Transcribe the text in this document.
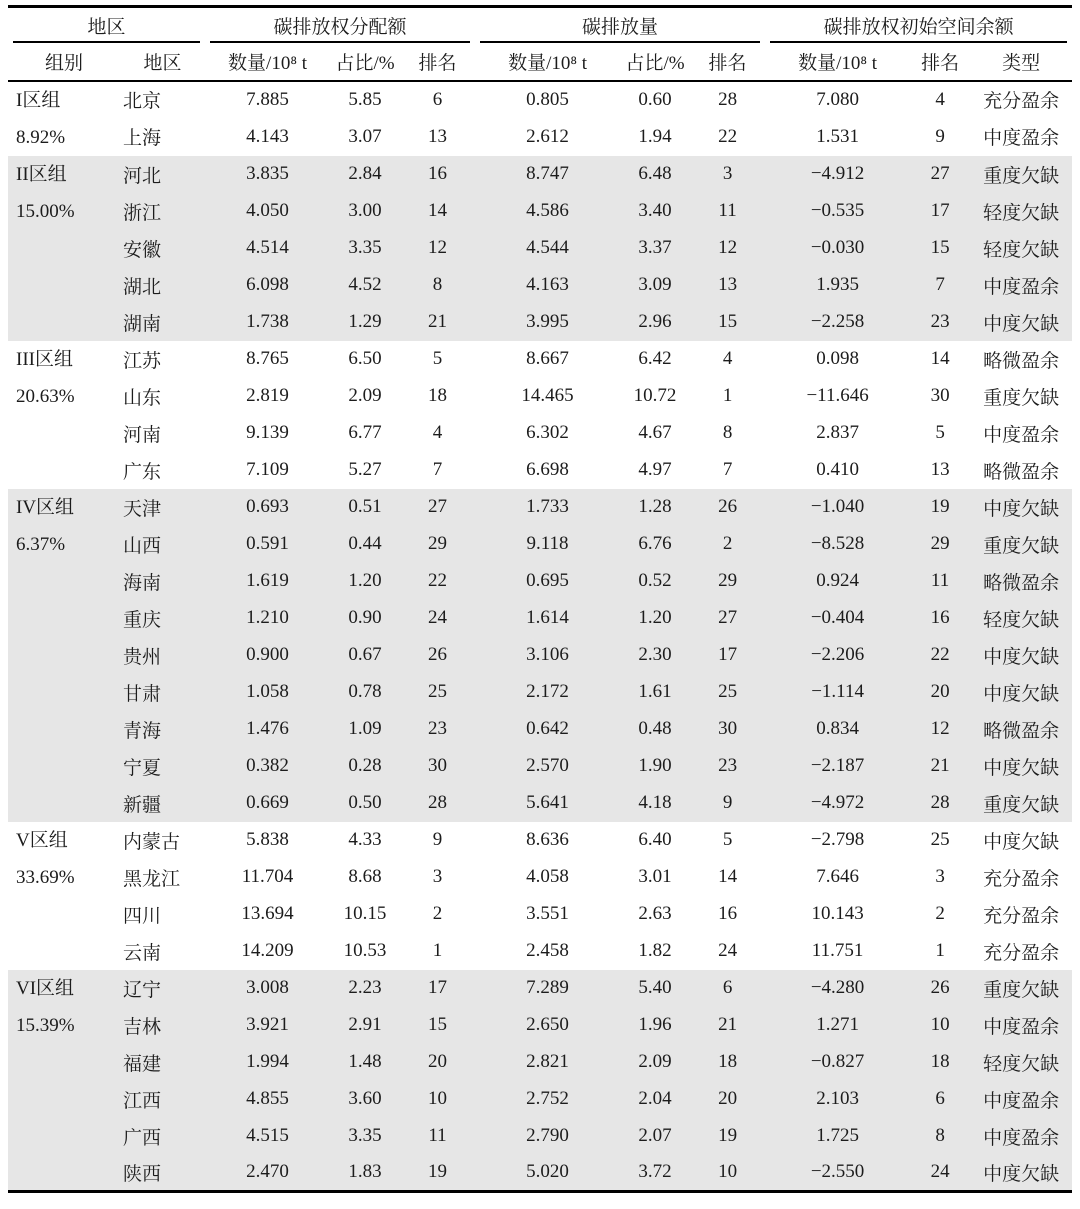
地区		碳排放权分配额			碳排放量			碳排放权初始空间余额		
组别	地区	数量/10⁸ t	占比/%	排名	数量/10⁸ t	占比/%	排名	数量/10⁸ t	排名	类型

I区组
8.92%	北京	7.885	5.85	6	0.805	0.60	28	7.080	4	充分盈余
	上海	4.143	3.07	13	2.612	1.94	22	1.531	9	中度盈余

II区组
15.00%	河北	3.835	2.84	16	8.747	6.48	3	−4.912	27	重度欠缺
	浙江	4.050	3.00	14	4.586	3.40	11	−0.535	17	轻度欠缺
	安徽	4.514	3.35	12	4.544	3.37	12	−0.030	15	轻度欠缺
	湖北	6.098	4.52	8	4.163	3.09	13	1.935	7	中度盈余
	湖南	1.738	1.29	21	3.995	2.96	15	−2.258	23	中度欠缺

III区组
20.63%	江苏	8.765	6.50	5	8.667	6.42	4	0.098	14	略微盈余
	山东	2.819	2.09	18	14.465	10.72	1	−11.646	30	重度欠缺
	河南	9.139	6.77	4	6.302	4.67	8	2.837	5	中度盈余
	广东	7.109	5.27	7	6.698	4.97	7	0.410	13	略微盈余

IV区组
6.37%	天津	0.693	0.51	27	1.733	1.28	26	−1.040	19	中度欠缺
	山西	0.591	0.44	29	9.118	6.76	2	−8.528	29	重度欠缺
	海南	1.619	1.20	22	0.695	0.52	29	0.924	11	略微盈余
	重庆	1.210	0.90	24	1.614	1.20	27	−0.404	16	轻度欠缺
	贵州	0.900	0.67	26	3.106	2.30	17	−2.206	22	中度欠缺
	甘肃	1.058	0.78	25	2.172	1.61	25	−1.114	20	中度欠缺
	青海	1.476	1.09	23	0.642	0.48	30	0.834	12	略微盈余
	宁夏	0.382	0.28	30	2.570	1.90	23	−2.187	21	中度欠缺
	新疆	0.669	0.50	28	5.641	4.18	9	−4.972	28	重度欠缺

V区组
33.69%	内蒙古	5.838	4.33	9	8.636	6.40	5	−2.798	25	中度欠缺
	黑龙江	11.704	8.68	3	4.058	3.01	14	7.646	3	充分盈余
	四川	13.694	10.15	2	3.551	2.63	16	10.143	2	充分盈余
	云南	14.209	10.53	1	2.458	1.82	24	11.751	1	充分盈余

VI区组
15.39%	辽宁	3.008	2.23	17	7.289	5.40	6	−4.280	26	重度欠缺
	吉林	3.921	2.91	15	2.650	1.96	21	1.271	10	中度盈余
	福建	1.994	1.48	20	2.821	2.09	18	−0.827	18	轻度欠缺
	江西	4.855	3.60	10	2.752	2.04	20	2.103	6	中度盈余
	广西	4.515	3.35	11	2.790	2.07	19	1.725	8	中度盈余
	陕西	2.470	1.83	19	5.020	3.72	10	−2.550	24	中度欠缺
